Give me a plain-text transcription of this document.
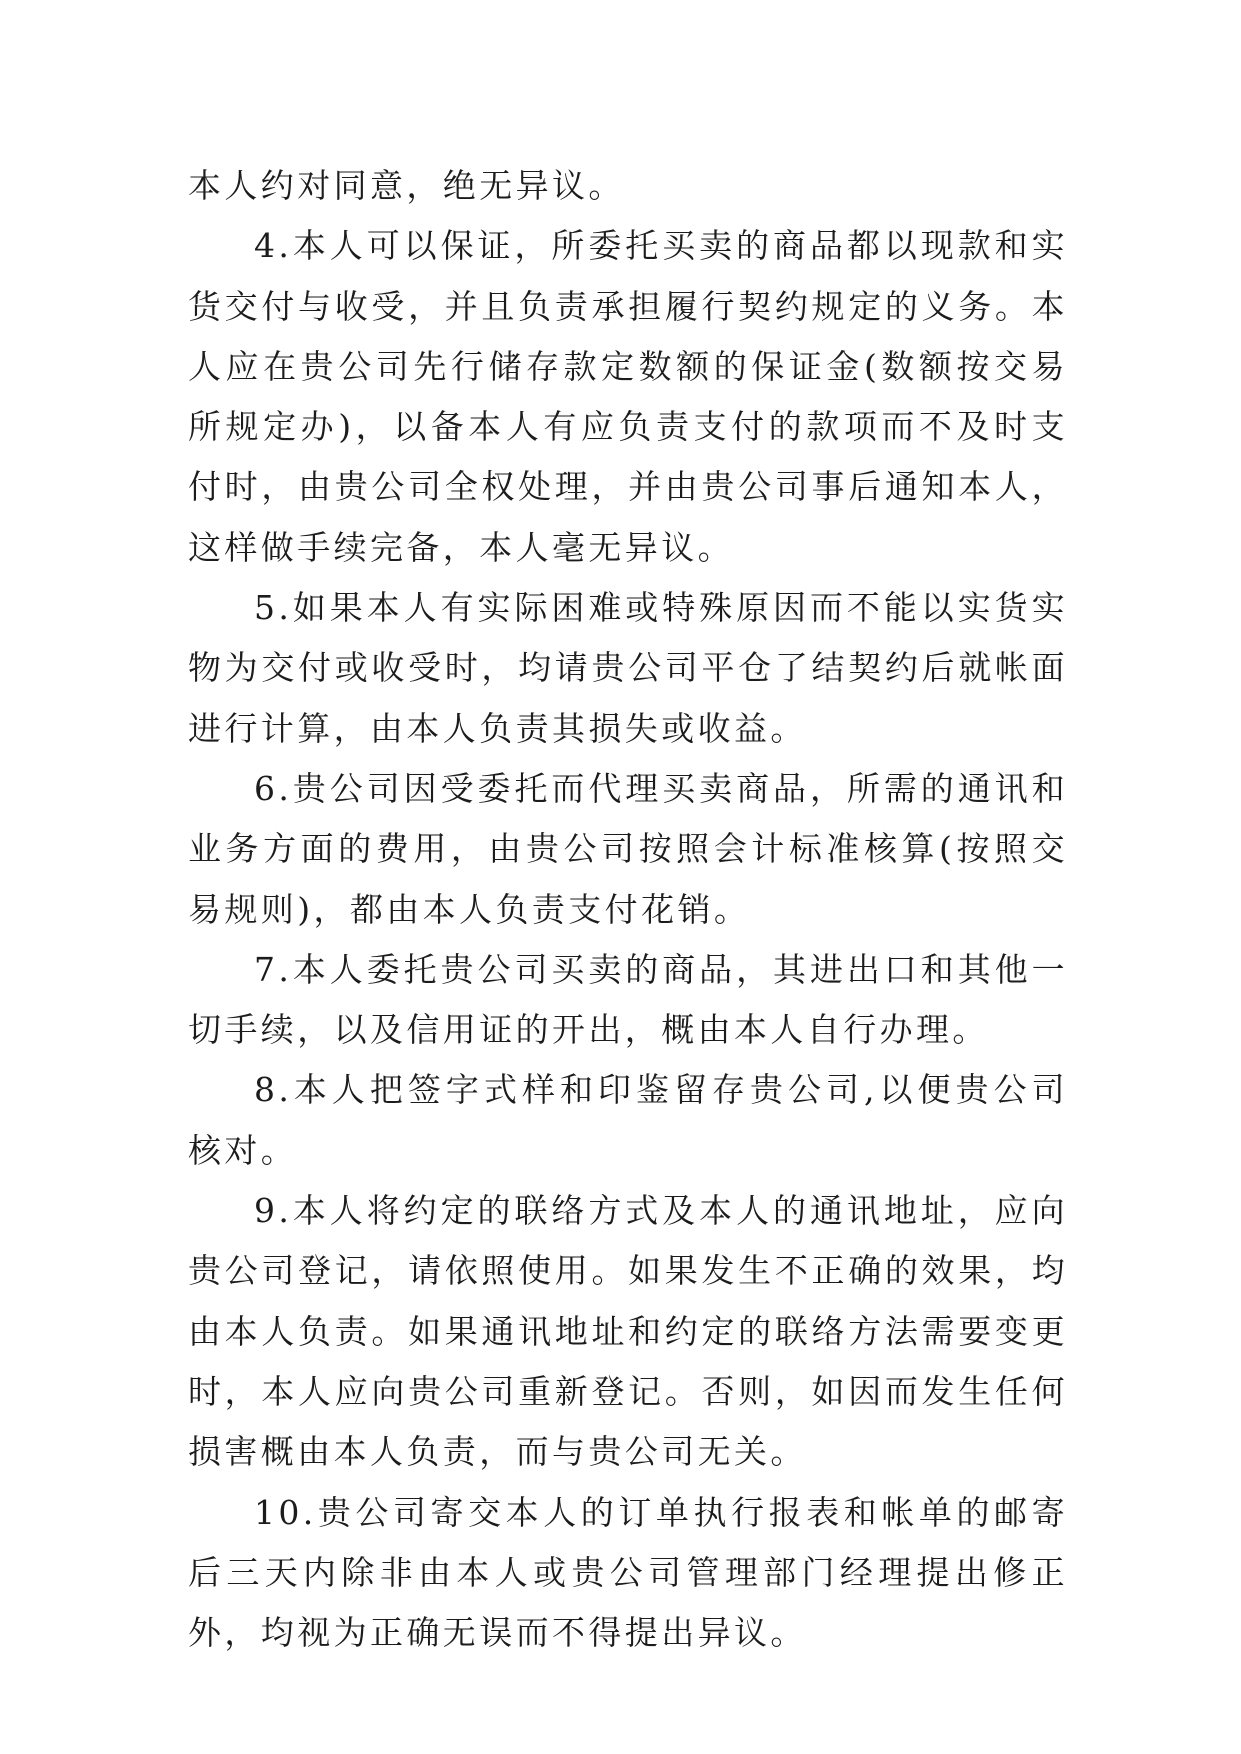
本人约对同意，绝无异议。

4.本人可以保证，所委托买卖的商品都以现款和实货交付与收受，并且负责承担履行契约规定的义务。本人应在贵公司先行储存款定数额的保证金(数额按交易所规定办)，以备本人有应负责支付的款项而不及时支付时，由贵公司全权处理，并由贵公司事后通知本人，这样做手续完备，本人毫无异议。

5.如果本人有实际困难或特殊原因而不能以实货实物为交付或收受时，均请贵公司平仓了结契约后就帐面进行计算，由本人负责其损失或收益。

6.贵公司因受委托而代理买卖商品，所需的通讯和业务方面的费用，由贵公司按照会计标准核算(按照交易规则)，都由本人负责支付花销。

7.本人委托贵公司买卖的商品，其进出口和其他一切手续，以及信用证的开出，概由本人自行办理。

8.本人把签字式样和印鉴留存贵公司,以便贵公司核对。

9.本人将约定的联络方式及本人的通讯地址，应向贵公司登记，请依照使用。如果发生不正确的效果，均由本人负责。如果通讯地址和约定的联络方法需要变更时，本人应向贵公司重新登记。否则，如因而发生任何损害概由本人负责，而与贵公司无关。

10.贵公司寄交本人的订单执行报表和帐单的邮寄后三天内除非由本人或贵公司管理部门经理提出修正外，均视为正确无误而不得提出异议。
